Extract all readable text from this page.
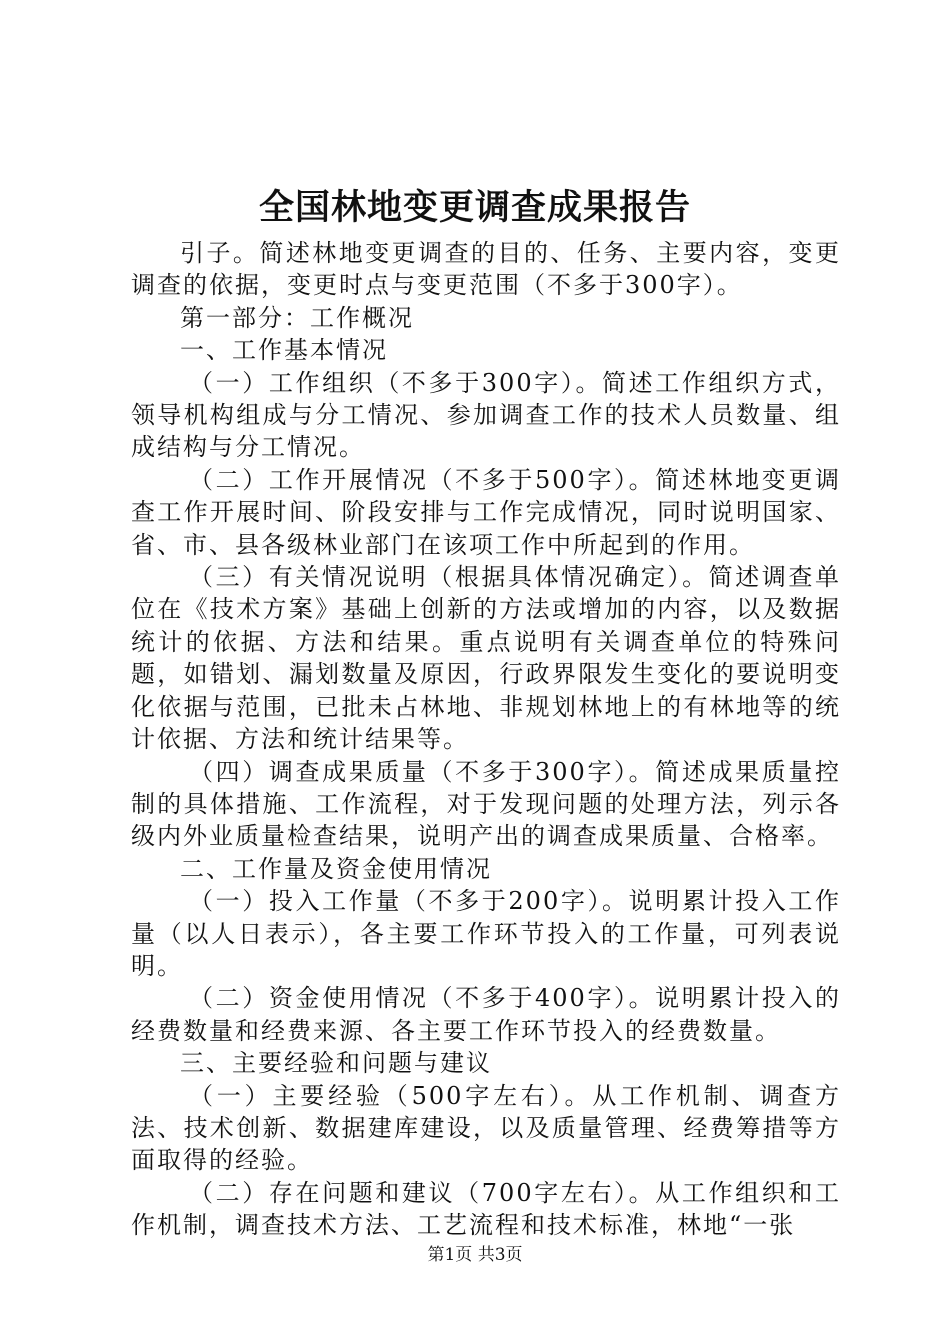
全国林地变更调查成果报告

引子。简述林地变更调查的目的、任务、主要内容，变更调查的依据，变更时点与变更范围（不多于300字）。

第一部分：工作概况

一、工作基本情况

（一）工作组织（不多于300字）。简述工作组织方式，领导机构组成与分工情况、参加调查工作的技术人员数量、组成结构与分工情况。

（二）工作开展情况（不多于500字）。简述林地变更调查工作开展时间、阶段安排与工作完成情况，同时说明国家、省、市、县各级林业部门在该项工作中所起到的作用。

（三）有关情况说明（根据具体情况确定）。简述调查单位在《技术方案》基础上创新的方法或增加的内容，以及数据统计的依据、方法和结果。重点说明有关调查单位的特殊问题，如错划、漏划数量及原因，行政界限发生变化的要说明变化依据与范围，已批未占林地、非规划林地上的有林地等的统计依据、方法和统计结果等。

（四）调查成果质量（不多于300字）。简述成果质量控制的具体措施、工作流程，对于发现问题的处理方法，列示各级内外业质量检查结果，说明产出的调查成果质量、合格率。

二、工作量及资金使用情况

（一）投入工作量（不多于200字）。说明累计投入工作量（以人日表示），各主要工作环节投入的工作量，可列表说明。

（二）资金使用情况（不多于400字）。说明累计投入的经费数量和经费来源、各主要工作环节投入的经费数量。

三、主要经验和问题与建议

（一）主要经验（500字左右）。从工作机制、调查方法、技术创新、数据建库建设，以及质量管理、经费筹措等方面取得的经验。

（二）存在问题和建议（700字左右）。从工作组织和工作机制，调查技术方法、工艺流程和技术标准，林地“一张

第1页 共3页
